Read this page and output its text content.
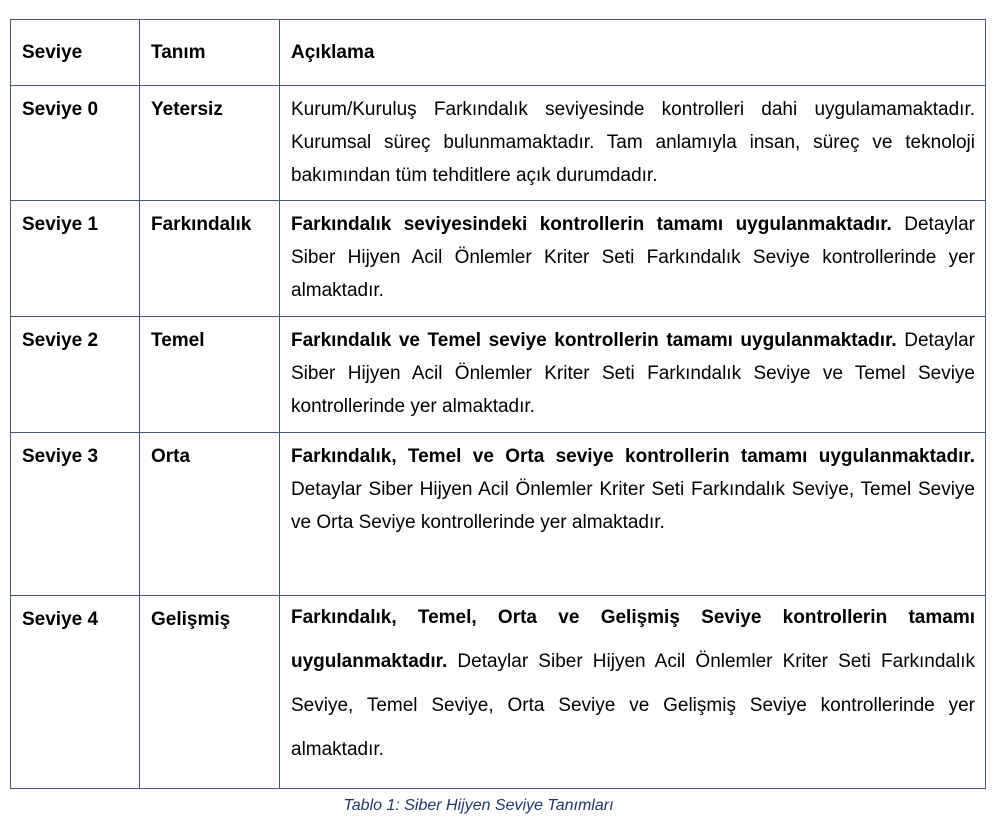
Seviye	Tanım	Açıklama
Seviye 0	Yetersiz	Kurum/Kuruluş Farkındalık seviyesinde kontrolleri dahi uygulamamaktadır. Kurumsal süreç bulunmamaktadır. Tam anlamıyla insan, süreç ve teknoloji bakımından tüm tehditlere açık durumdadır.
Seviye 1	Farkındalık	Farkındalık seviyesindeki kontrollerin tamamı uygulanmaktadır. Detaylar Siber Hijyen Acil Önlemler Kriter Seti Farkındalık Seviye kontrollerinde yer almaktadır.
Seviye 2	Temel	Farkındalık ve Temel seviye kontrollerin tamamı uygulanmaktadır. Detaylar Siber Hijyen Acil Önlemler Kriter Seti Farkındalık Seviye ve Temel Seviye kontrollerinde yer almaktadır.
Seviye 3	Orta	Farkındalık, Temel ve Orta seviye kontrollerin tamamı uygulanmaktadır. Detaylar Siber Hijyen Acil Önlemler Kriter Seti Farkındalık Seviye, Temel Seviye ve Orta Seviye kontrollerinde yer almaktadır.
Seviye 4	Gelişmiş	Farkındalık, Temel, Orta ve Gelişmiş Seviye kontrollerin tamamı uygulanmaktadır. Detaylar Siber Hijyen Acil Önlemler Kriter Seti Farkındalık Seviye, Temel Seviye, Orta Seviye ve Gelişmiş Seviye kontrollerinde yer almaktadır.
Tablo 1: Siber Hijyen Seviye Tanımları
